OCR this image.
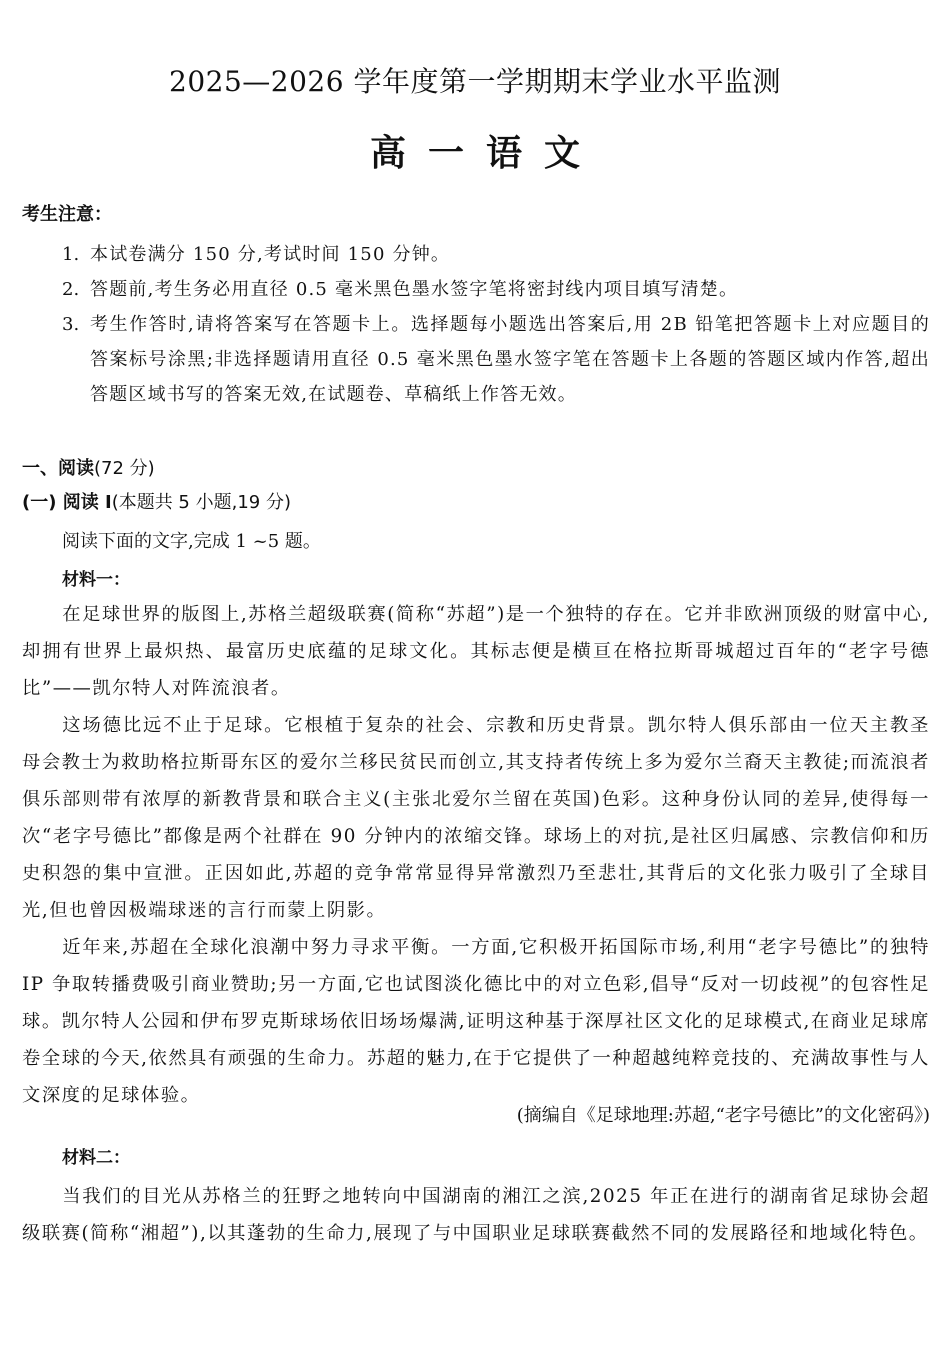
2025—2026 学年度第一学期期末学业水平监测
高一语文
考生注意：
1. 本试卷满分 150 分,考试时间 150 分钟。
2. 答题前,考生务必用直径 0.5 毫米黑色墨水签字笔将密封线内项目填写清楚。
3. 考生作答时,请将答案写在答题卡上。选择题每小题选出答案后,用 2B 铅笔把答题卡上对应题目的答案标号涂黑;非选择题请用直径 0.5 毫米黑色墨水签字笔在答题卡上各题的答题区域内作答,超出答题区域书写的答案无效,在试题卷、草稿纸上作答无效。
一、阅读(72 分)
(一) 阅读 Ⅰ(本题共 5 小题,19 分)
阅读下面的文字,完成 1 ~5 题。
材料一：

在足球世界的版图上,苏格兰超级联赛(简称“苏超”)是一个独特的存在。它并非欧洲顶级的财富中心,却拥有世界上最炽热、最富历史底蕴的足球文化。其标志便是横亘在格拉斯哥城超过百年的“老字号德比”——凯尔特人对阵流浪者。

这场德比远不止于足球。它根植于复杂的社会、宗教和历史背景。凯尔特人俱乐部由一位天主教圣母会教士为救助格拉斯哥东区的爱尔兰移民贫民而创立,其支持者传统上多为爱尔兰裔天主教徒;而流浪者俱乐部则带有浓厚的新教背景和联合主义(主张北爱尔兰留在英国)色彩。这种身份认同的差异,使得每一次“老字号德比”都像是两个社群在 90 分钟内的浓缩交锋。球场上的对抗,是社区归属感、宗教信仰和历史积怨的集中宣泄。正因如此,苏超的竞争常常显得异常激烈乃至悲壮,其背后的文化张力吸引了全球目光,但也曾因极端球迷的言行而蒙上阴影。

近年来,苏超在全球化浪潮中努力寻求平衡。一方面,它积极开拓国际市场,利用“老字号德比”的独特 IP 争取转播费吸引商业赞助;另一方面,它也试图淡化德比中的对立色彩,倡导“反对一切歧视”的包容性足球。凯尔特人公园和伊布罗克斯球场依旧场场爆满,证明这种基于深厚社区文化的足球模式,在商业足球席卷全球的今天,依然具有顽强的生命力。苏超的魅力,在于它提供了一种超越纯粹竞技的、充满故事性与人文深度的足球体验。

(摘编自《足球地理:苏超,“老字号德比”的文化密码》)
材料二：

当我们的目光从苏格兰的狂野之地转向中国湖南的湘江之滨,2025 年正在进行的湖南省足球协会超级联赛(简称“湘超”),以其蓬勃的生命力,展现了与中国职业足球联赛截然不同的发展路径和地域化特色。
